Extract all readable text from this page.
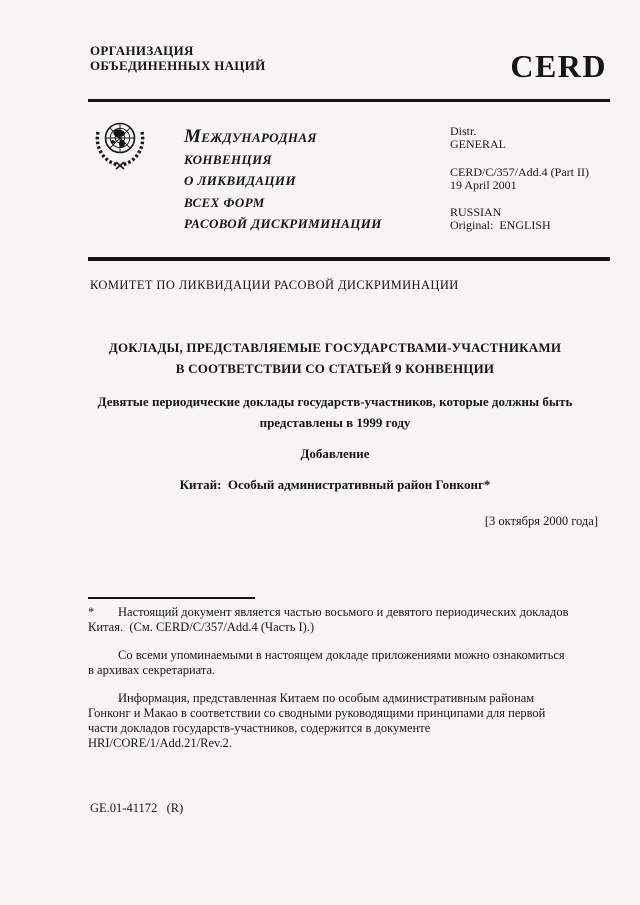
ОРГАНИЗАЦИЯ
ОБЪЕДИНЕННЫХ НАЦИЙ	CERD
МЕЖДУНАРОДНАЯ
КОНВЕНЦИЯ
О ЛИКВИДАЦИИ
ВСЕХ ФОРМ
РАСОВОЙ ДИСКРИМИНАЦИИ
Distr.
GENERAL
CERD/C/357/Add.4 (Part II)
19 April 2001
RUSSIAN
Original:  ENGLISH
КОМИТЕТ ПО ЛИКВИДАЦИИ РАСОВОЙ ДИСКРИМИНАЦИИ
ДОКЛАДЫ, ПРЕДСТАВЛЯЕМЫЕ ГОСУДАРСТВАМИ-УЧАСТНИКАМИ
В СООТВЕТСТВИИ СО СТАТЬЕЙ 9 КОНВЕНЦИИ
Девятые периодические доклады государств-участников, которые должны быть
представлены в 1999 году
Добавление
Китай:  Особый административный район Гонконг*
[3 октября 2000 года]
* Настоящий документ является частью восьмого и девятого периодических докладов
Китая.  (См. CERD/C/357/Add.4 (Часть I).)
Со всеми упоминаемыми в настоящем докладе приложениями можно ознакомиться
в архивах секретариата.
Информация, представленная Китаем по особым административным районам
Гонконг и Макао в соответствии со сводными руководящими принципами для первой
части докладов государств-участников, содержится в документе
HRI/CORE/1/Add.21/Rev.2.
GE.01-41172   (R)
